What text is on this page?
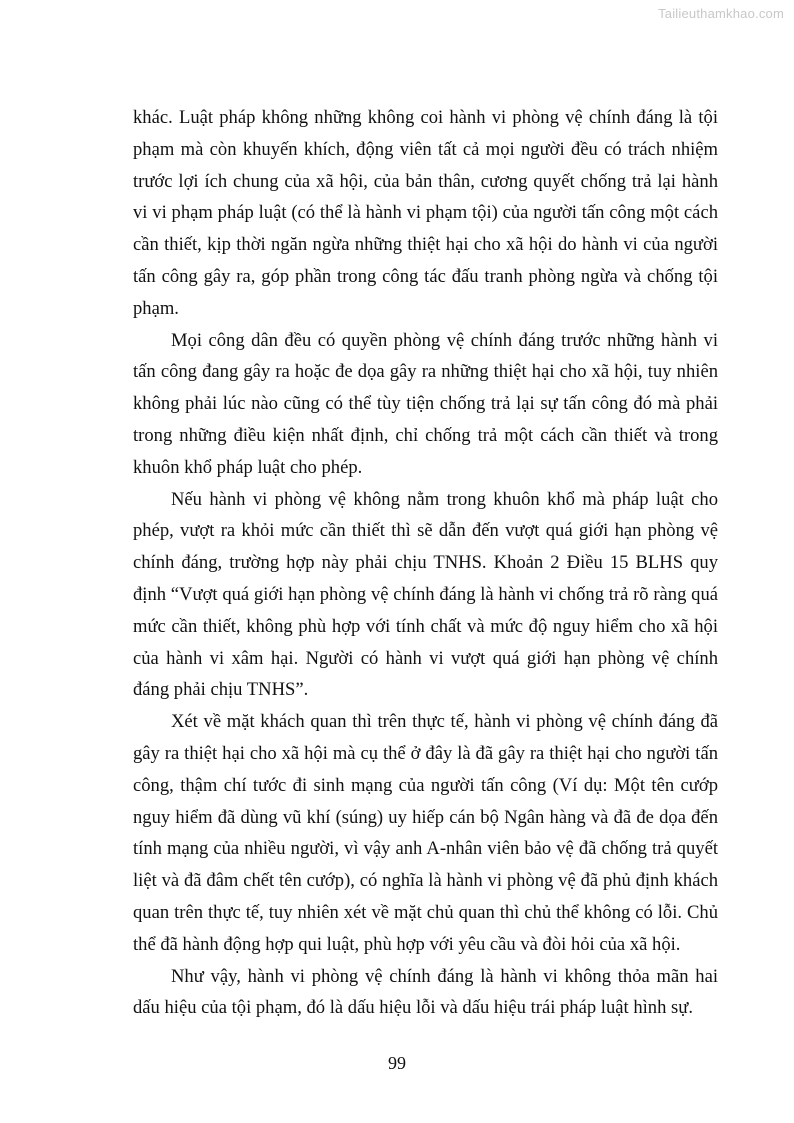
Tailieuthamkhao.com

khác. Luật pháp không những không coi hành vi phòng vệ chính đáng là tội phạm mà còn khuyến khích, động viên tất cả mọi người đều có trách nhiệm trước lợi ích chung của xã hội, của bản thân, cương quyết chống trả lại hành vi vi phạm pháp luật (có thể là hành vi phạm tội) của người tấn công một cách cần thiết, kịp thời ngăn ngừa những thiệt hại cho xã hội do hành vi của người tấn công gây ra, góp phần trong công tác đấu tranh phòng ngừa và chống tội phạm.

Mọi công dân đều có quyền phòng vệ chính đáng trước những hành vi tấn công đang gây ra hoặc đe dọa gây ra những thiệt hại cho xã hội, tuy nhiên không phải lúc nào cũng có thể tùy tiện chống trả lại sự tấn công đó mà phải trong những điều kiện nhất định, chỉ chống trả một cách cần thiết và trong khuôn khổ pháp luật cho phép.

Nếu hành vi phòng vệ không nằm trong khuôn khổ mà pháp luật cho phép, vượt ra khỏi mức cần thiết thì sẽ dẫn đến vượt quá giới hạn phòng vệ chính đáng, trường hợp này phải chịu TNHS. Khoản 2 Điều 15 BLHS quy định “Vượt quá giới hạn phòng vệ chính đáng là hành vi chống trả rõ ràng quá mức cần thiết, không phù hợp với tính chất và mức độ nguy hiểm cho xã hội của hành vi xâm hại. Người có hành vi vượt quá giới hạn phòng vệ chính đáng phải chịu TNHS”.

Xét về mặt khách quan thì trên thực tế, hành vi phòng vệ chính đáng đã gây ra thiệt hại cho xã hội mà cụ thể ở đây là đã gây ra thiệt hại cho người tấn công, thậm chí tước đi sinh mạng của người tấn công (Ví dụ: Một tên cướp nguy hiểm đã dùng vũ khí (súng) uy hiếp cán bộ Ngân hàng và đã đe dọa đến tính mạng của nhiều người, vì vậy anh A-nhân viên bảo vệ đã chống trả quyết liệt và đã đâm chết tên cướp), có nghĩa là hành vi phòng vệ đã phủ định khách quan trên thực tế, tuy nhiên xét về mặt chủ quan thì chủ thể không có lỗi. Chủ thể đã hành động hợp qui luật, phù hợp với yêu cầu và đòi hỏi của xã hội.

Như vậy, hành vi phòng vệ chính đáng là hành vi không thỏa mãn hai dấu hiệu của tội phạm, đó là dấu hiệu lỗi và dấu hiệu trái pháp luật hình sự.

99
